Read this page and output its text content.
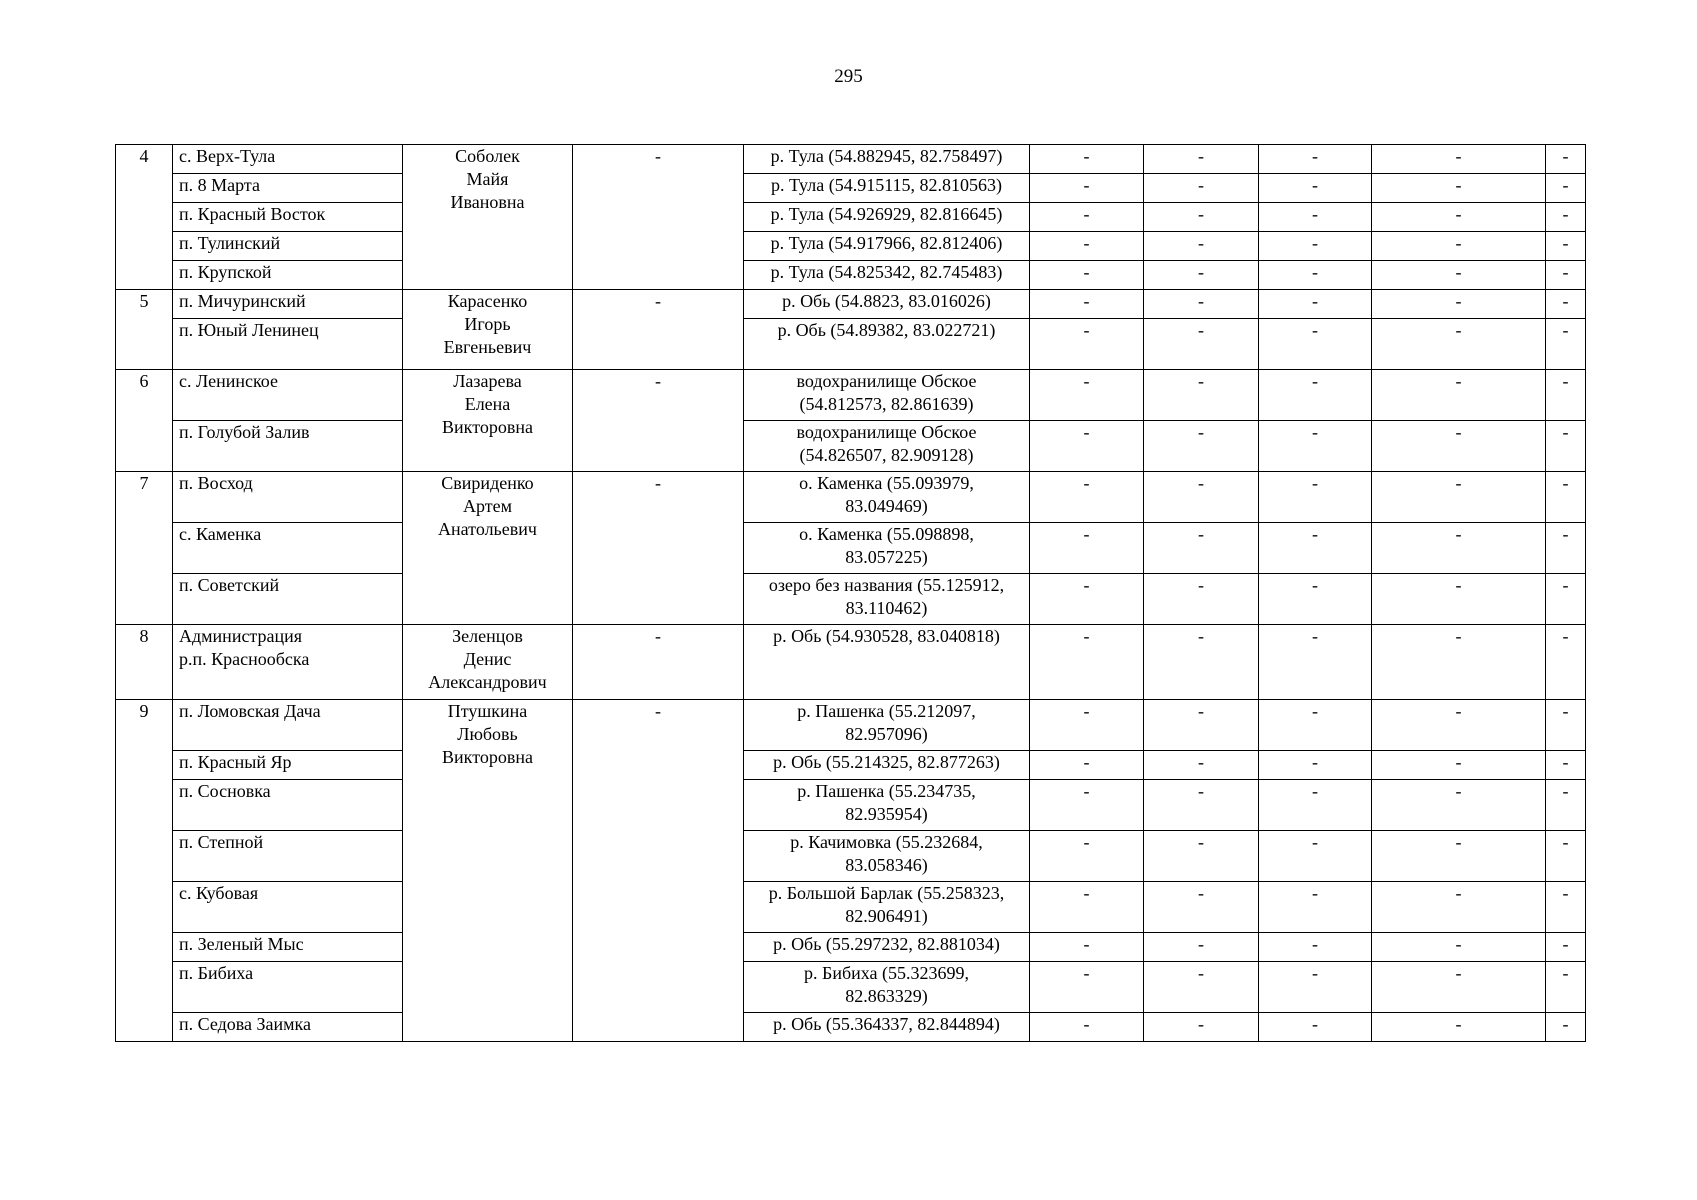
295
4	с. Верх-Тула	Соболек
Майя
Ивановна	-	р. Тула (54.882945, 82.758497)	-	-	-	-	-
	п. 8 Марта			р. Тула (54.915115, 82.810563)	-	-	-	-	-
	п. Красный Восток			р. Тула (54.926929, 82.816645)	-	-	-	-	-
	п. Тулинский			р. Тула (54.917966, 82.812406)	-	-	-	-	-
	п. Крупской			р. Тула (54.825342, 82.745483)	-	-	-	-	-
5	п. Мичуринский	Карасенко
Игорь
Евгеньевич	-	р. Обь (54.8823, 83.016026)	-	-	-	-	-
	п. Юный Ленинец			р. Обь (54.89382, 83.022721)	-	-	-	-	-
6	с. Ленинское	Лазарева
Елена
Викторовна	-	водохранилище Обское
(54.812573, 82.861639)	-	-	-	-	-
	п. Голубой Залив			водохранилище Обское
(54.826507, 82.909128)	-	-	-	-	-
7	п. Восход	Свириденко
Артем
Анатольевич	-	о. Каменка (55.093979,
83.049469)	-	-	-	-	-
	с. Каменка			о. Каменка (55.098898,
83.057225)	-	-	-	-	-
	п. Советский			озеро без названия (55.125912,
83.110462)	-	-	-	-	-
8	Администрация
р.п. Краснообска	Зеленцов
Денис
Александрович	-	р. Обь (54.930528, 83.040818)	-	-	-	-	-
9	п. Ломовская Дача	Птушкина
Любовь
Викторовна	-	р. Пашенка (55.212097,
82.957096)	-	-	-	-	-
	п. Красный Яр			р. Обь (55.214325, 82.877263)	-	-	-	-	-
	п. Сосновка			р. Пашенка (55.234735,
82.935954)	-	-	-	-	-
	п. Степной			р. Качимовка (55.232684,
83.058346)	-	-	-	-	-
	с. Кубовая			р. Большой Барлак (55.258323,
82.906491)	-	-	-	-	-
	п. Зеленый Мыс			р. Обь (55.297232, 82.881034)	-	-	-	-	-
	п. Бибиха			р. Бибиха (55.323699,
82.863329)	-	-	-	-	-
	п. Седова Заимка			р. Обь (55.364337, 82.844894)	-	-	-	-	-
